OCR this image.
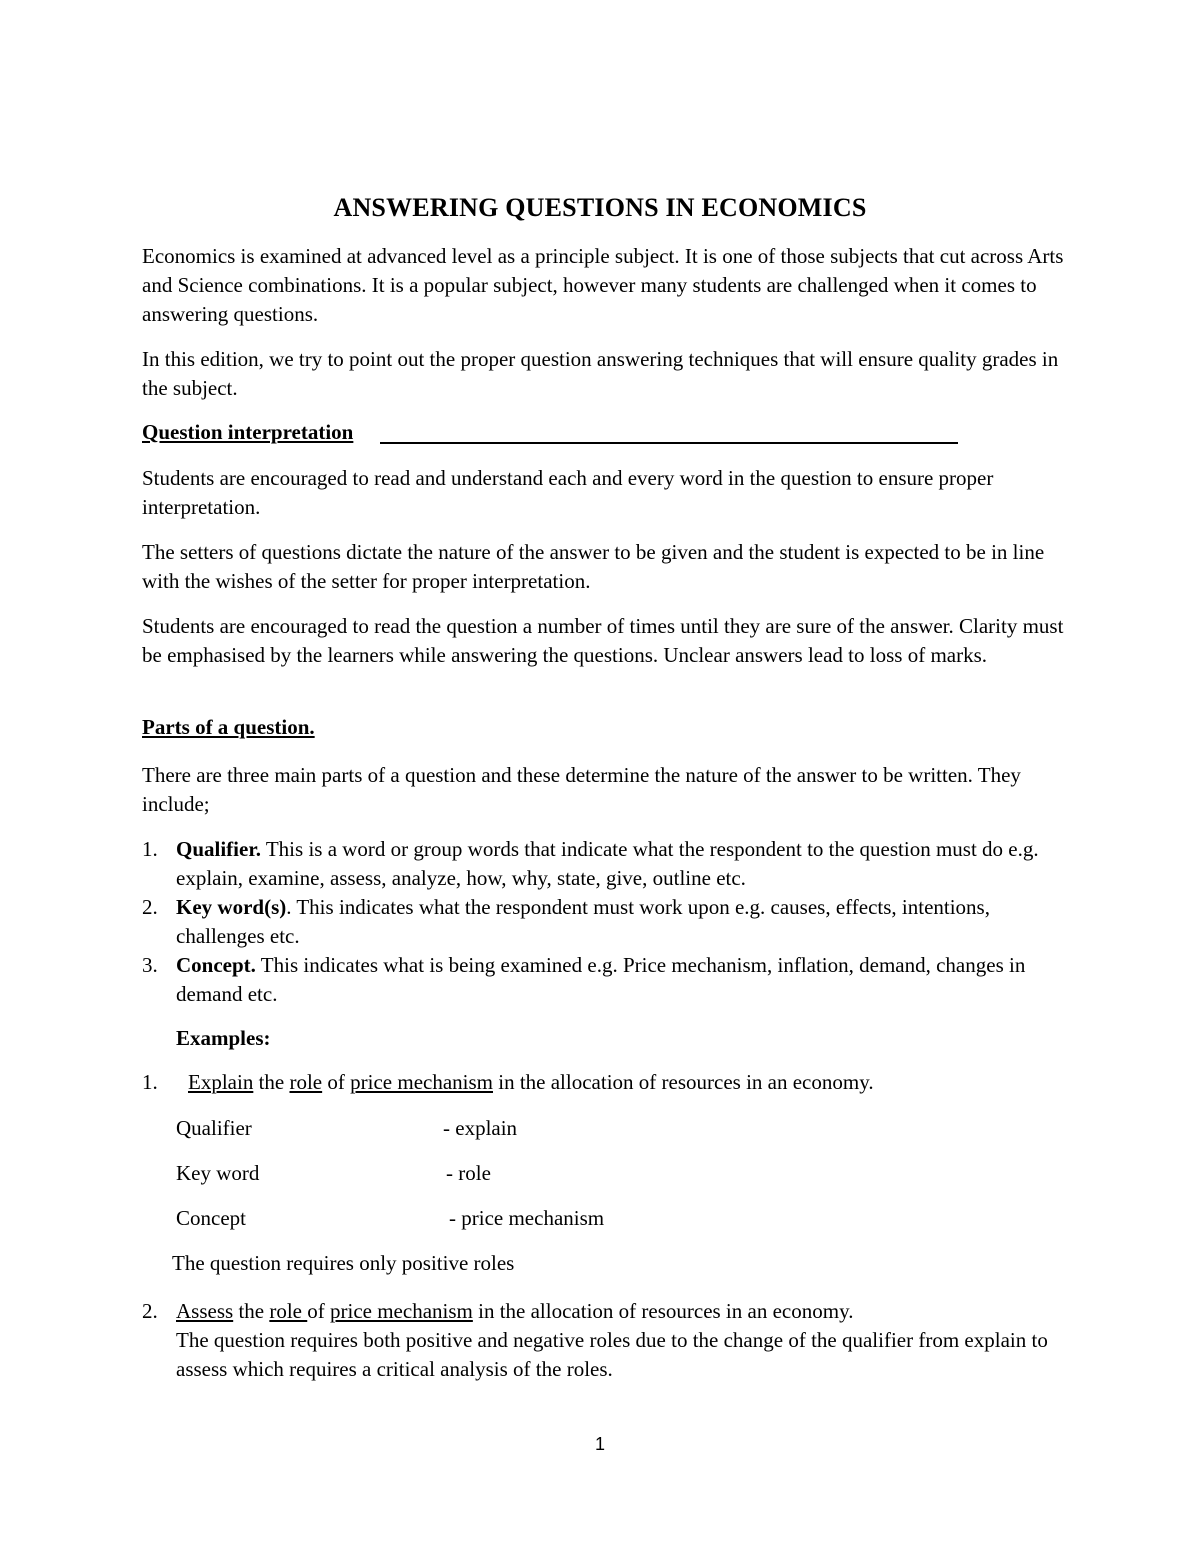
ANSWERING QUESTIONS IN ECONOMICS
Economics is examined at advanced level as a principle subject. It is one of those subjects that cut across Arts and Science combinations. It is a popular subject, however many students are challenged when it comes to answering questions.
In this edition, we try to point out the proper question answering techniques that will ensure quality grades in the subject.
Question interpretation
Students are encouraged to read and understand each and every word in the question to ensure proper interpretation.
The setters of questions dictate the nature of the answer to be given and the student is expected to be in line with the wishes of the setter for proper interpretation.
Students are encouraged to read the question a number of times until they are sure of the answer. Clarity must be emphasised by the learners while answering the questions. Unclear answers lead to loss of marks.
Parts of a question.
There are three main parts of a question and these determine the nature of the answer to be written. They include;
1. Qualifier. This is a word or group words that indicate what the respondent to the question must do e.g. explain, examine, assess, analyze, how, why, state, give, outline etc.
2. Key word(s). This indicates what the respondent must work upon e.g. causes, effects, intentions, challenges etc.
3. Concept. This indicates what is being examined e.g. Price mechanism, inflation, demand, changes in demand etc.
Examples:
1.	Explain the role of price mechanism in the allocation of resources in an economy.
Qualifier	- explain
Key word	- role
Concept	- price mechanism
The question requires only positive roles
2. Assess the role of price mechanism in the allocation of resources in an economy.
The question requires both positive and negative roles due to the change of the qualifier from explain to assess which requires a critical analysis of the roles.
1
